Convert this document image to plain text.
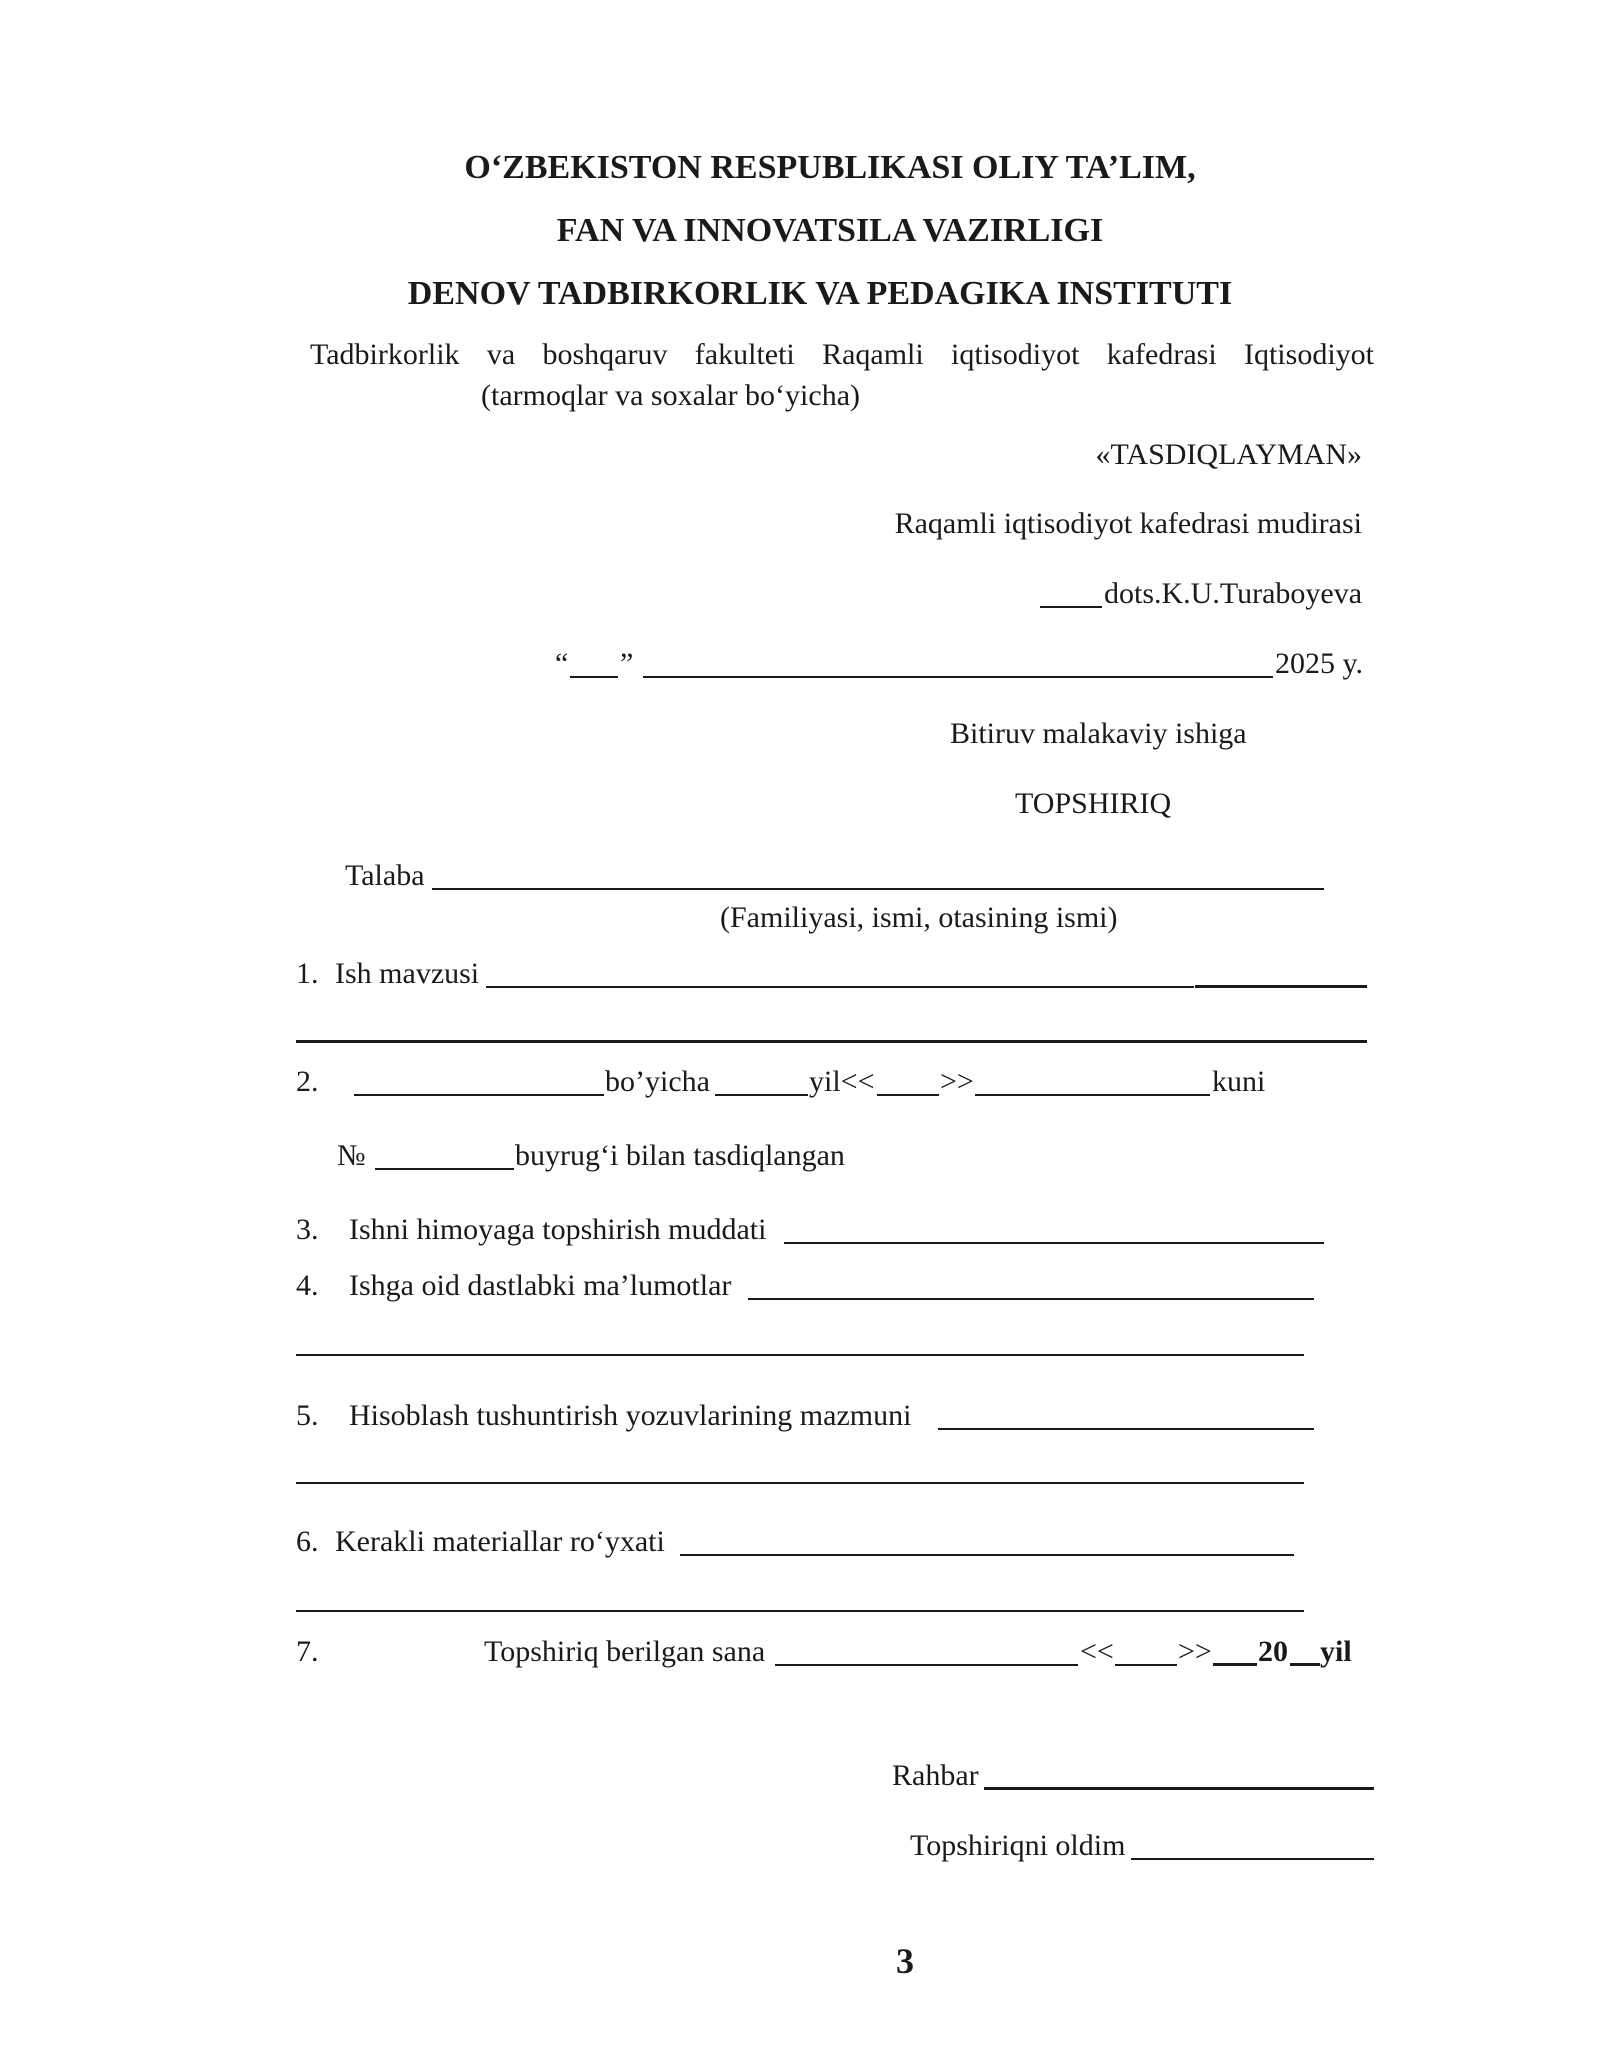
O‘ZBEKISTON RESPUBLIKASI OLIY TA’LIM,
FAN VA INNOVATSILA VAZIRLIGI
DENOV TADBIRKORLIK VA PEDAGIKA INSTITUTI
Tadbirkorlik va boshqaruv fakulteti Raqamli iqtisodiyot kafedrasi Iqtisodiyot
(tarmoqlar va soxalar bo‘yicha)
«TASDIQLAYMAN»
Raqamli iqtisodiyot kafedrasi mudirasi
dots.K.U.Turaboyeva
“ ”	2025 y.
Bitiruv malakaviy ishiga
TOPSHIRIQ
Talaba
(Familiyasi, ismi, otasining ismi)
1. Ish mavzusi
2.	bo’yicha	yil<< >>	kuni
№	buyrug‘i bilan tasdiqlangan
3. Ishni himoyaga topshirish muddati
4. Ishga oid dastlabki ma’lumotlar
5. Hisoblash tushuntirish yozuvlarining mazmuni
6. Kerakli materiallar ro‘yxati
7.	Topshiriq berilgan sana	<< >> 20 yil
Rahbar
Topshiriqni oldim
3
